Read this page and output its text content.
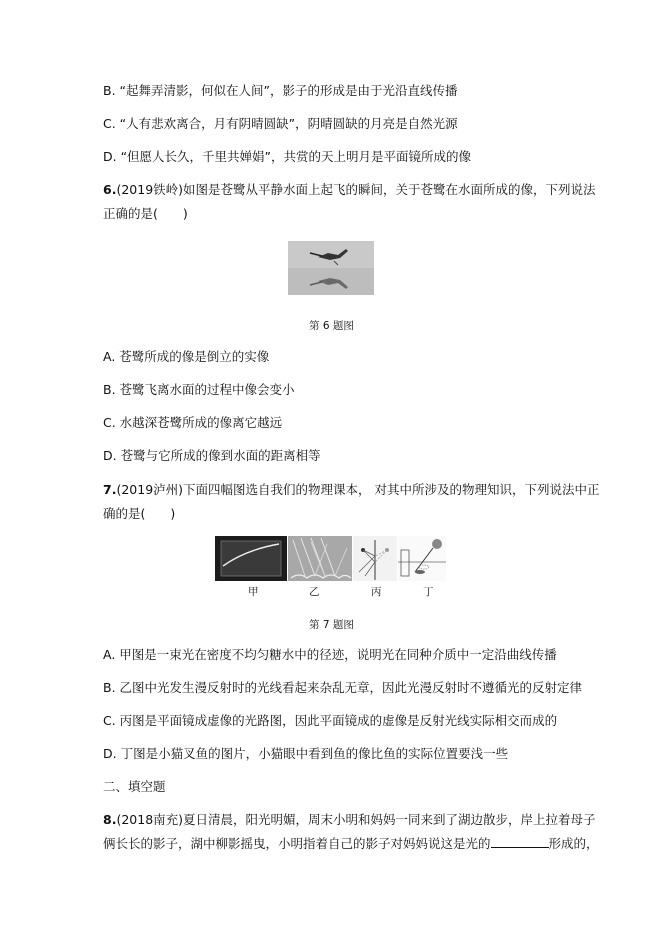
B. “起舞弄清影，何似在人间”，影子的形成是由于光沿直线传播
C. “人有悲欢离合，月有阴晴圆缺”，阴晴圆缺的月亮是自然光源
D. “但愿人长久，千里共婵娟”，共赏的天上明月是平面镜所成的像
6.(2019铁岭)如图是苍鹭从平静水面上起飞的瞬间，关于苍鹭在水面所成的像，下列说法
正确的是(　　)
第 6 题图
A. 苍鹭所成的像是倒立的实像
B. 苍鹭飞离水面的过程中像会变小
C. 水越深苍鹭所成的像离它越远
D. 苍鹭与它所成的像到水面的距离相等
7.(2019泸州)下面四幅图选自我们的物理课本， 对其中所涉及的物理知识，下列说法中正
确的是(　　)
甲	乙	丙	丁
第 7 题图
A. 甲图是一束光在密度不均匀糖水中的径迹，说明光在同种介质中一定沿曲线传播
B. 乙图中光发生漫反射时的光线看起来杂乱无章，因此光漫反射时不遵循光的反射定律
C. 丙图是平面镜成虚像的光路图，因此平面镜成的虚像是反射光线实际相交而成的
D. 丁图是小猫叉鱼的图片，小猫眼中看到鱼的像比鱼的实际位置要浅一些
二、填空题
8.(2018南充)夏日清晨，阳光明媚，周末小明和妈妈一同来到了湖边散步，岸上拉着母子
俩长长的影子，湖中柳影摇曳，小明指着自己的影子对妈妈说这是光的	形成的，
